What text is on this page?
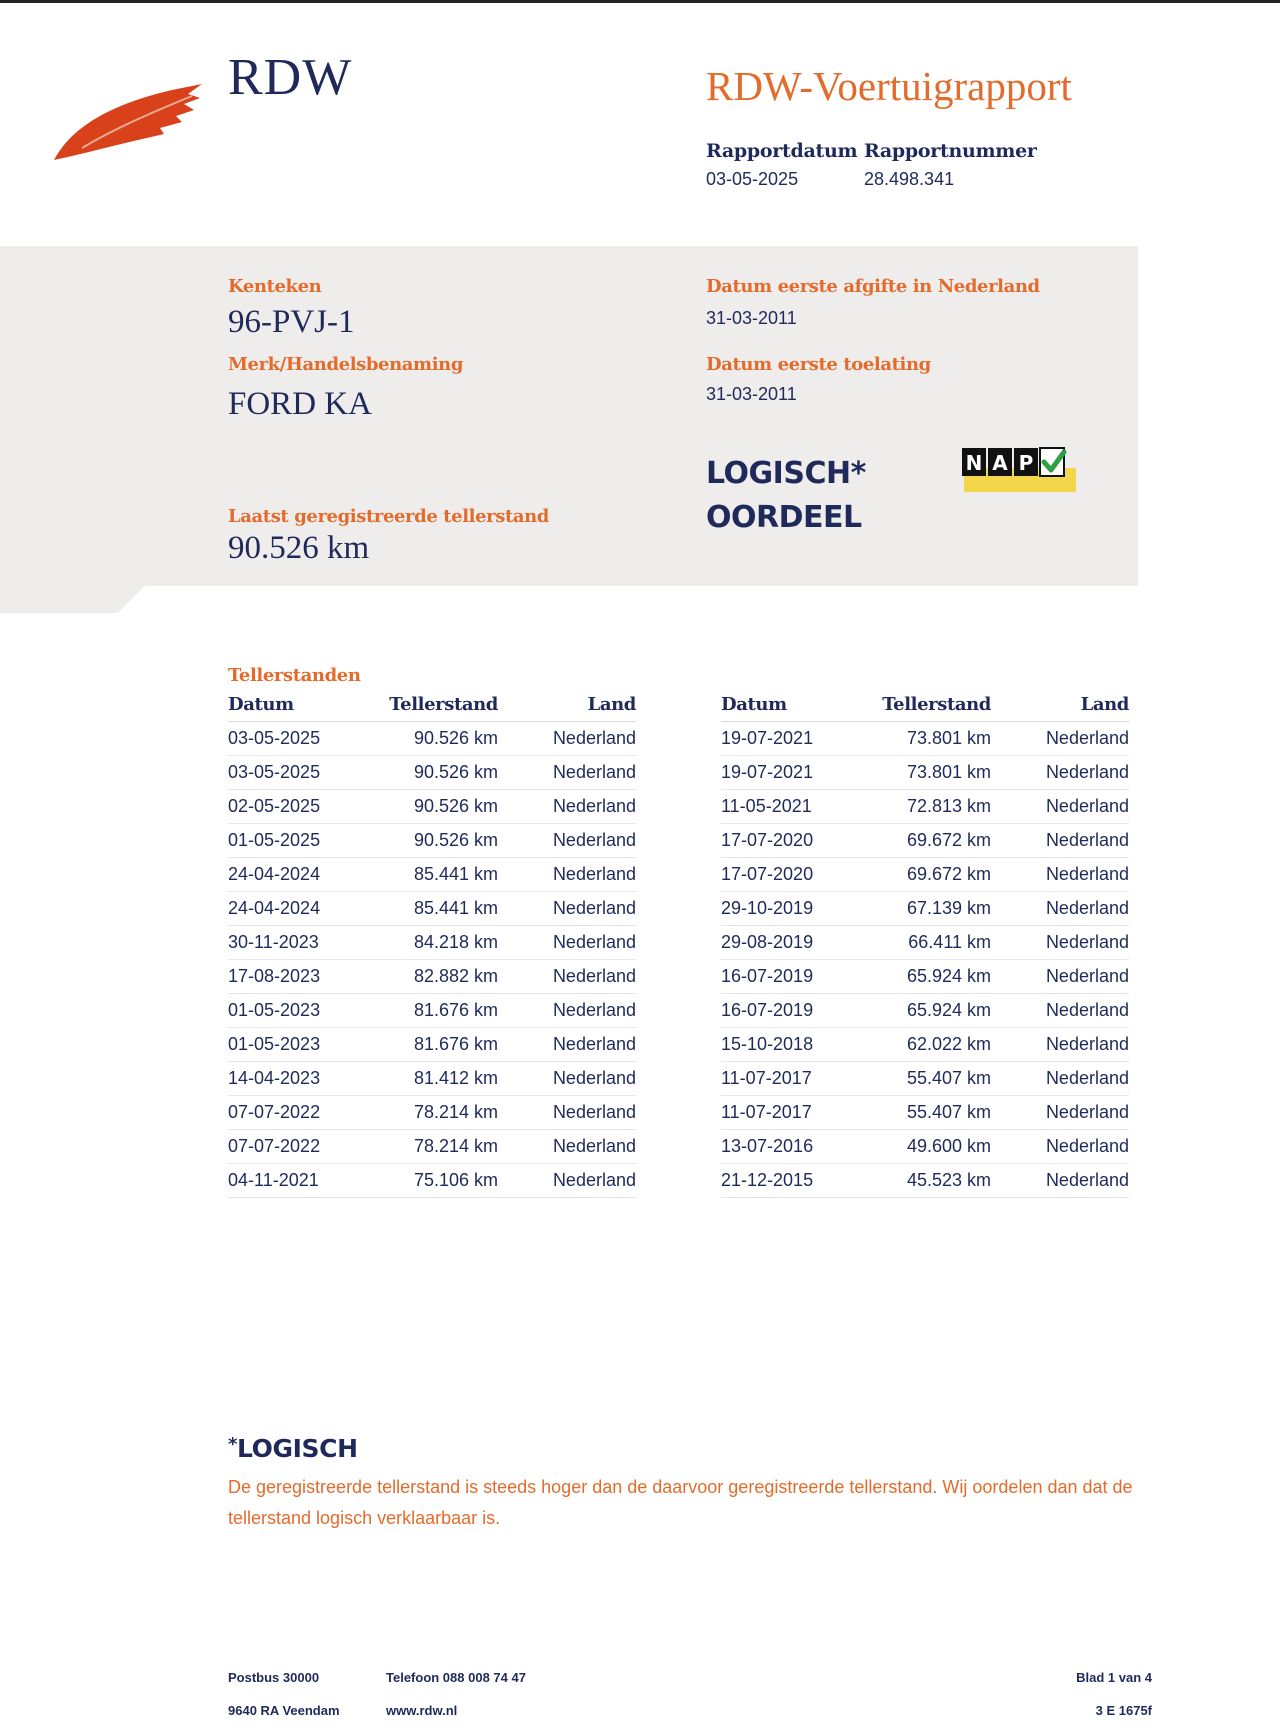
RDW	RDW-Voertuigrapport
Rapportdatum
03-05-2025
Rapportnummer
28.498.341
Kenteken
96-PVJ-1
Merk/Handelsbenaming
FORD KA
Laatst geregistreerde tellerstand
90.526 km
Datum eerste afgifte in Nederland
31-03-2011
Datum eerste toelating
31-03-2011
LOGISCH*
OORDEEL
N A P
Tellerstanden
Datum	Tellerstand	Land
03-05-2025	90.526 km	Nederland
03-05-2025	90.526 km	Nederland
02-05-2025	90.526 km	Nederland
01-05-2025	90.526 km	Nederland
24-04-2024	85.441 km	Nederland
24-04-2024	85.441 km	Nederland
30-11-2023	84.218 km	Nederland
17-08-2023	82.882 km	Nederland
01-05-2023	81.676 km	Nederland
01-05-2023	81.676 km	Nederland
14-04-2023	81.412 km	Nederland
07-07-2022	78.214 km	Nederland
07-07-2022	78.214 km	Nederland
04-11-2021	75.106 km	Nederland
Datum	Tellerstand	Land
19-07-2021	73.801 km	Nederland
19-07-2021	73.801 km	Nederland
11-05-2021	72.813 km	Nederland
17-07-2020	69.672 km	Nederland
17-07-2020	69.672 km	Nederland
29-10-2019	67.139 km	Nederland
29-08-2019	66.411 km	Nederland
16-07-2019	65.924 km	Nederland
16-07-2019	65.924 km	Nederland
15-10-2018	62.022 km	Nederland
11-07-2017	55.407 km	Nederland
11-07-2017	55.407 km	Nederland
13-07-2016	49.600 km	Nederland
21-12-2015	45.523 km	Nederland
*LOGISCH
De geregistreerde tellerstand is steeds hoger dan de daarvoor geregistreerde tellerstand. Wij oordelen dan dat de tellerstand logisch verklaarbaar is.
Postbus 30000
9640 RA Veendam
Telefoon 088 008 74 47
www.rdw.nl
Blad 1 van 4
3 E 1675f
